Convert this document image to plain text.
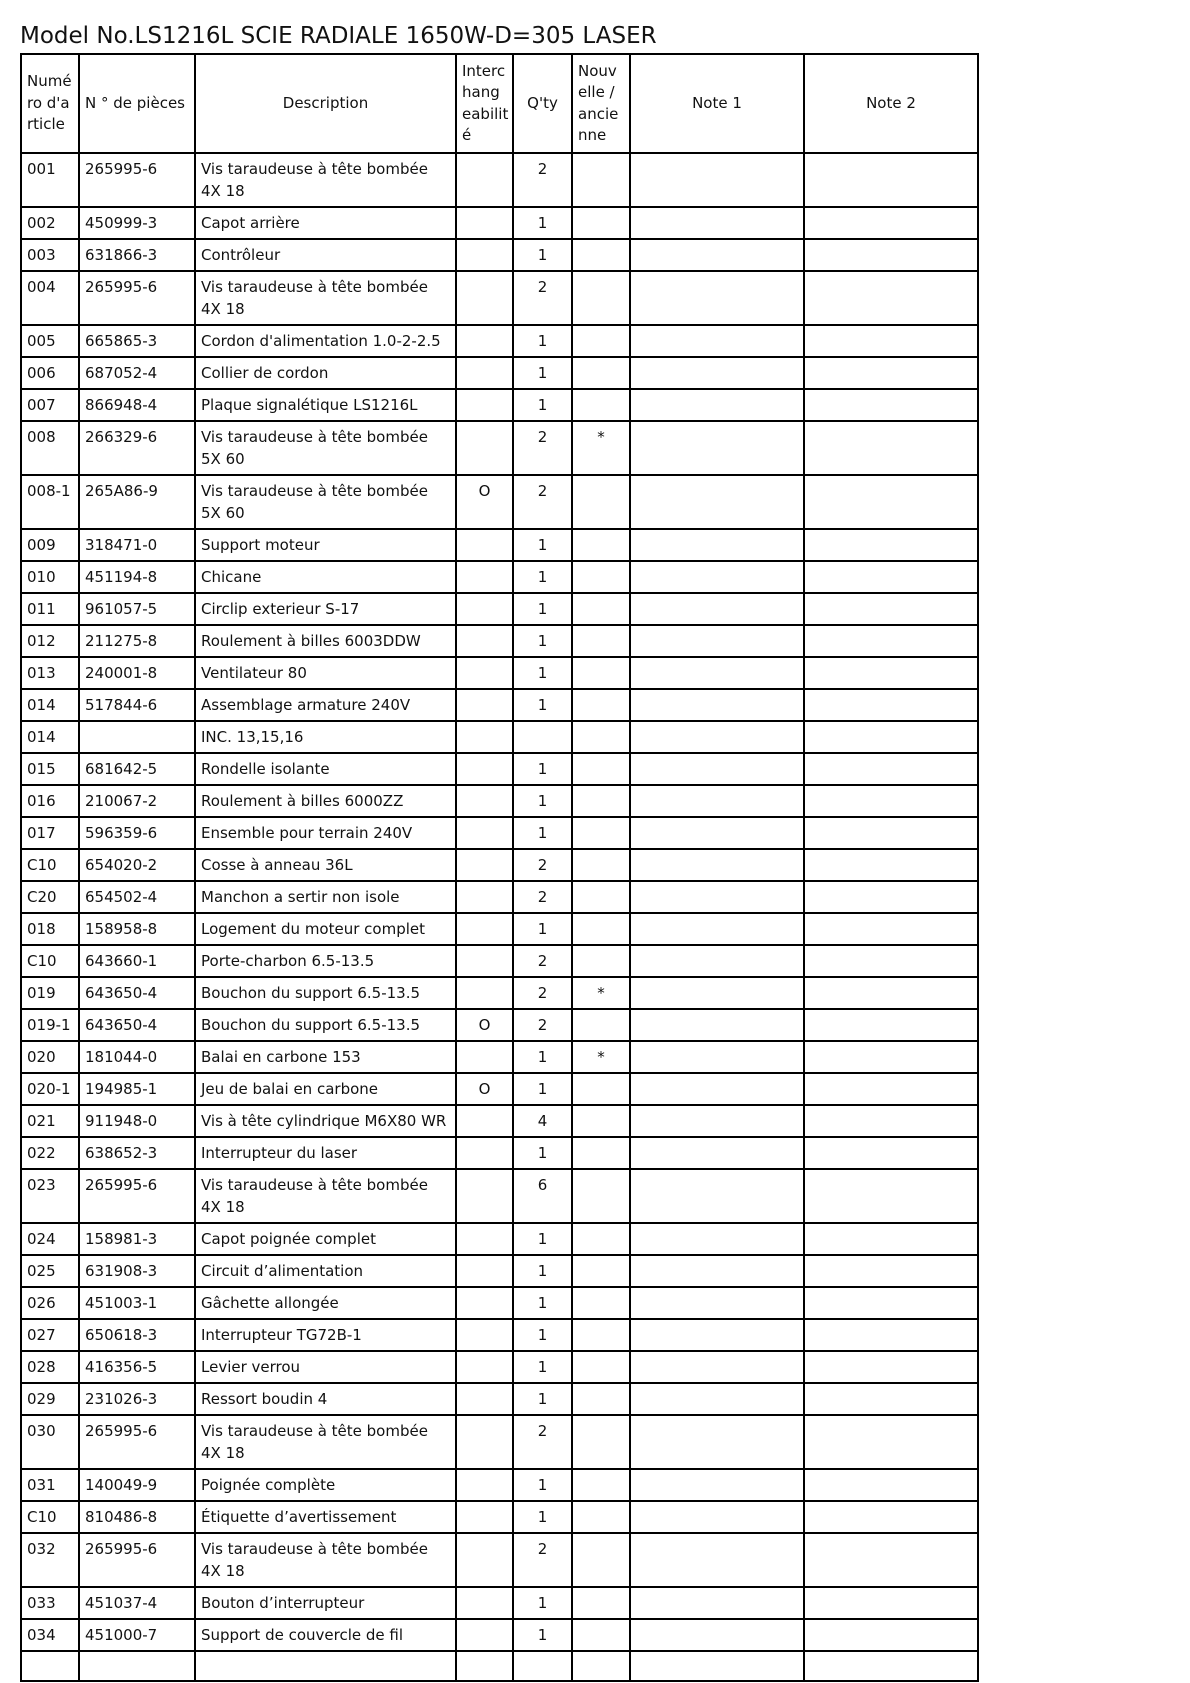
Model No.LS1216L SCIE RADIALE 1650W-D=305 LASER
Numé ro d'a rticle	N ° de pièces	Description	Interc hang eabilit é	Q'ty	Nouv elle / ancie nne	Note 1	Note 2
001	265995-6	Vis taraudeuse à tête bombée 4X 18		2			
002	450999-3	Capot arrière		1			
003	631866-3	Contrôleur		1			
004	265995-6	Vis taraudeuse à tête bombée 4X 18		2			
005	665865-3	Cordon d'alimentation 1.0-2-2.5		1			
006	687052-4	Collier de cordon		1			
007	866948-4	Plaque signalétique LS1216L		1			
008	266329-6	Vis taraudeuse à tête bombée 5X 60		2	*		
008-1	265A86-9	Vis taraudeuse à tête bombée 5X 60	O	2			
009	318471-0	Support moteur		1			
010	451194-8	Chicane		1			
011	961057-5	Circlip exterieur S-17		1			
012	211275-8	Roulement à billes 6003DDW		1			
013	240001-8	Ventilateur 80		1			
014	517844-6	Assemblage armature 240V		1			
014		INC. 13,15,16					
015	681642-5	Rondelle isolante		1			
016	210067-2	Roulement à billes 6000ZZ		1			
017	596359-6	Ensemble pour terrain 240V		1			
C10	654020-2	Cosse à anneau 36L		2			
C20	654502-4	Manchon a sertir non isole		2			
018	158958-8	Logement du moteur complet		1			
C10	643660-1	Porte-charbon 6.5-13.5		2			
019	643650-4	Bouchon du support 6.5-13.5		2	*		
019-1	643650-4	Bouchon du support 6.5-13.5	O	2			
020	181044-0	Balai en carbone 153		1	*		
020-1	194985-1	Jeu de balai en carbone	O	1			
021	911948-0	Vis à tête cylindrique M6X80 WR		4			
022	638652-3	Interrupteur du laser		1			
023	265995-6	Vis taraudeuse à tête bombée 4X 18		6			
024	158981-3	Capot poignée complet		1			
025	631908-3	Circuit d’alimentation		1			
026	451003-1	Gâchette allongée		1			
027	650618-3	Interrupteur TG72B-1		1			
028	416356-5	Levier verrou		1			
029	231026-3	Ressort boudin 4		1			
030	265995-6	Vis taraudeuse à tête bombée 4X 18		2			
031	140049-9	Poignée complète		1			
C10	810486-8	Étiquette d’avertissement		1			
032	265995-6	Vis taraudeuse à tête bombée 4X 18		2			
033	451037-4	Bouton d’interrupteur		1			
034	451000-7	Support de couvercle de fil		1			
